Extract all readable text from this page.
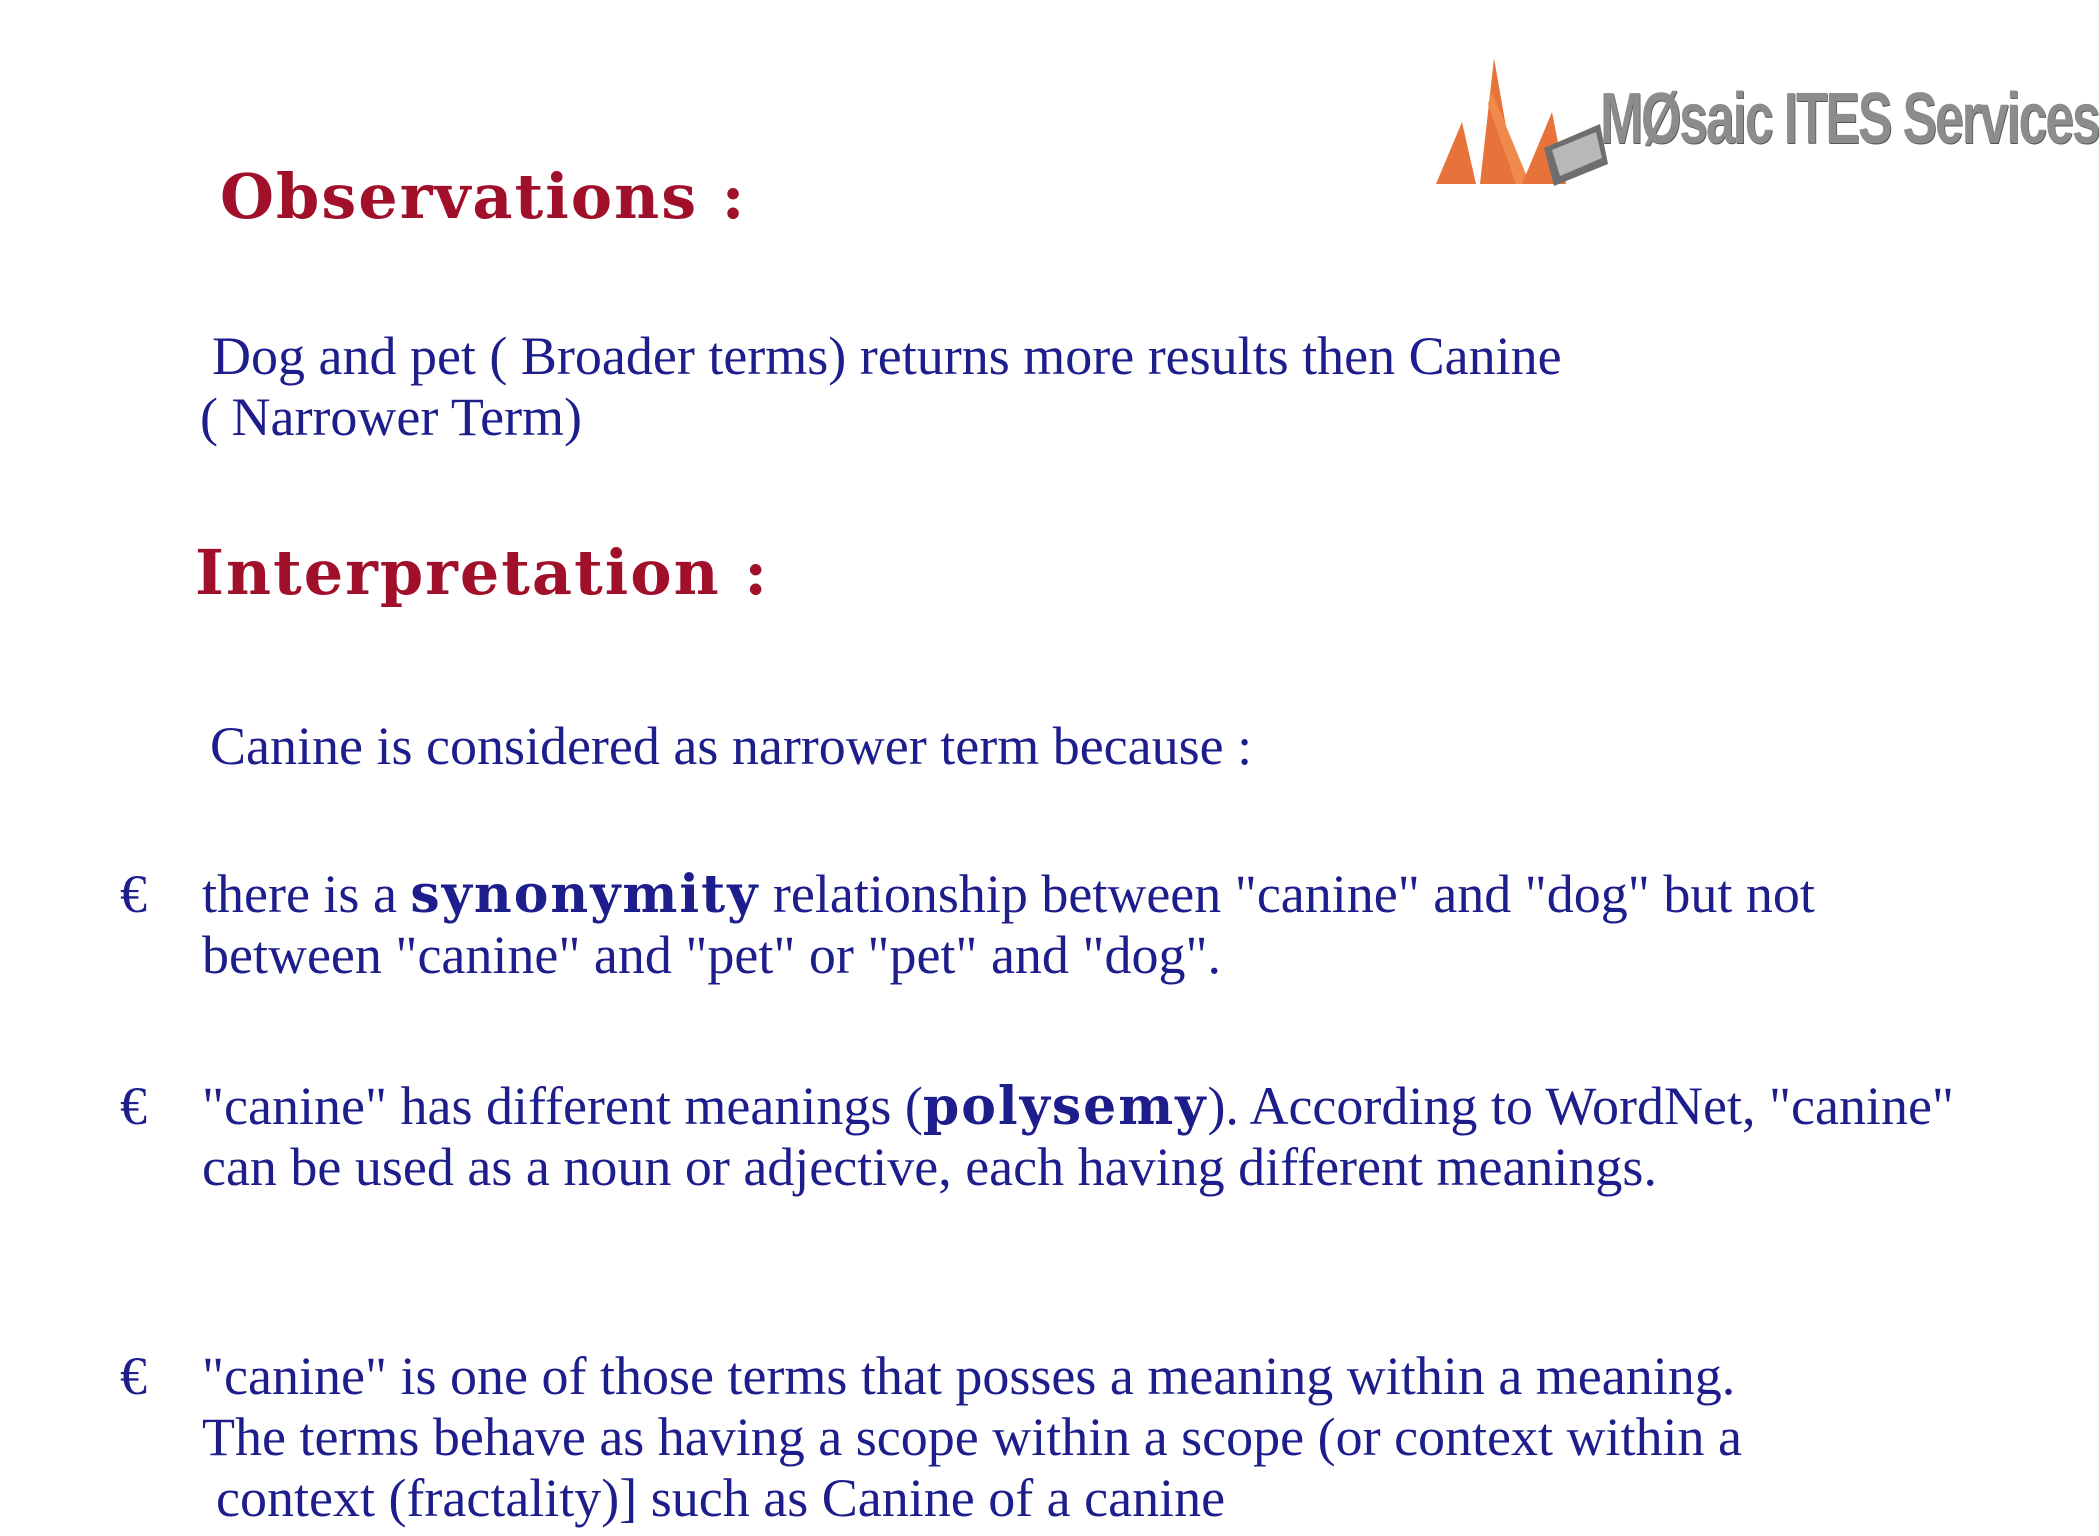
MØsaic ITES Services
Observations :

Dog and pet ( Broader terms) returns more results then Canine
( Narrower Term)

Interpretation :

Canine is considered as narrower term because :

€	there is a synonymity relationship between "canine" and "dog" but not between "canine" and "pet" or "pet" and "dog".
€	"canine" has different meanings (polysemy). According to WordNet, "canine" can be used as a noun or adjective, each having different meanings.
€	"canine" is one of those terms that posses a meaning within a meaning.
The terms behave as having a scope within a scope (or context within a
context (fractality)] such as Canine of a canine
